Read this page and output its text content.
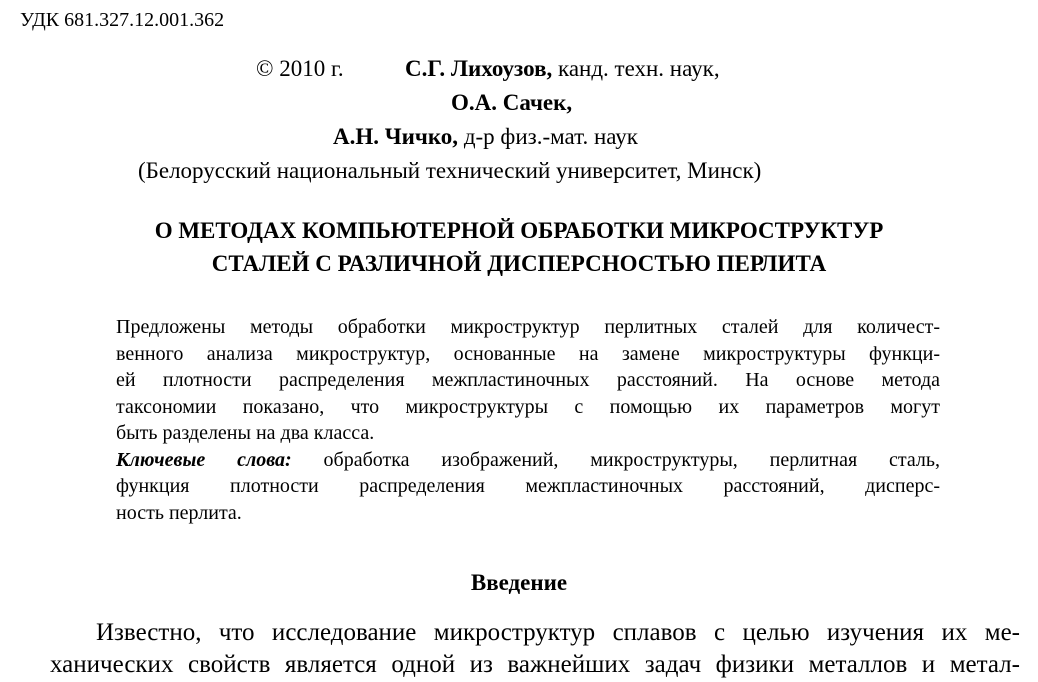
УДК 681.327.12.001.362
© 2010 г.	С.Г. Лихоузов, канд. техн. наук,
О.А. Сачек,
А.Н. Чичко, д-р физ.-мат. наук
(Белорусский национальный технический университет, Минск)
О МЕТОДАХ КОМПЬЮТЕРНОЙ ОБРАБОТКИ МИКРОСТРУКТУР
СТАЛЕЙ С РАЗЛИЧНОЙ ДИСПЕРСНОСТЬЮ ПЕРЛИТА
Предложены методы обработки микроструктур перлитных сталей для количест-
венного анализа микроструктур, основанные на замене микроструктуры функци-
ей плотности распределения межпластиночных расстояний. На основе метода
таксономии показано, что микроструктуры с помощью их параметров могут
быть разделены на два класса.
Ключевые слова: обработка изображений, микроструктуры, перлитная сталь,
функция плотности распределения межпластиночных расстояний, дисперс-
ность перлита.
Введение
Известно, что исследование микроструктур сплавов с целью изучения их ме-
ханических свойств является одной из важнейших задач физики металлов и метал-
